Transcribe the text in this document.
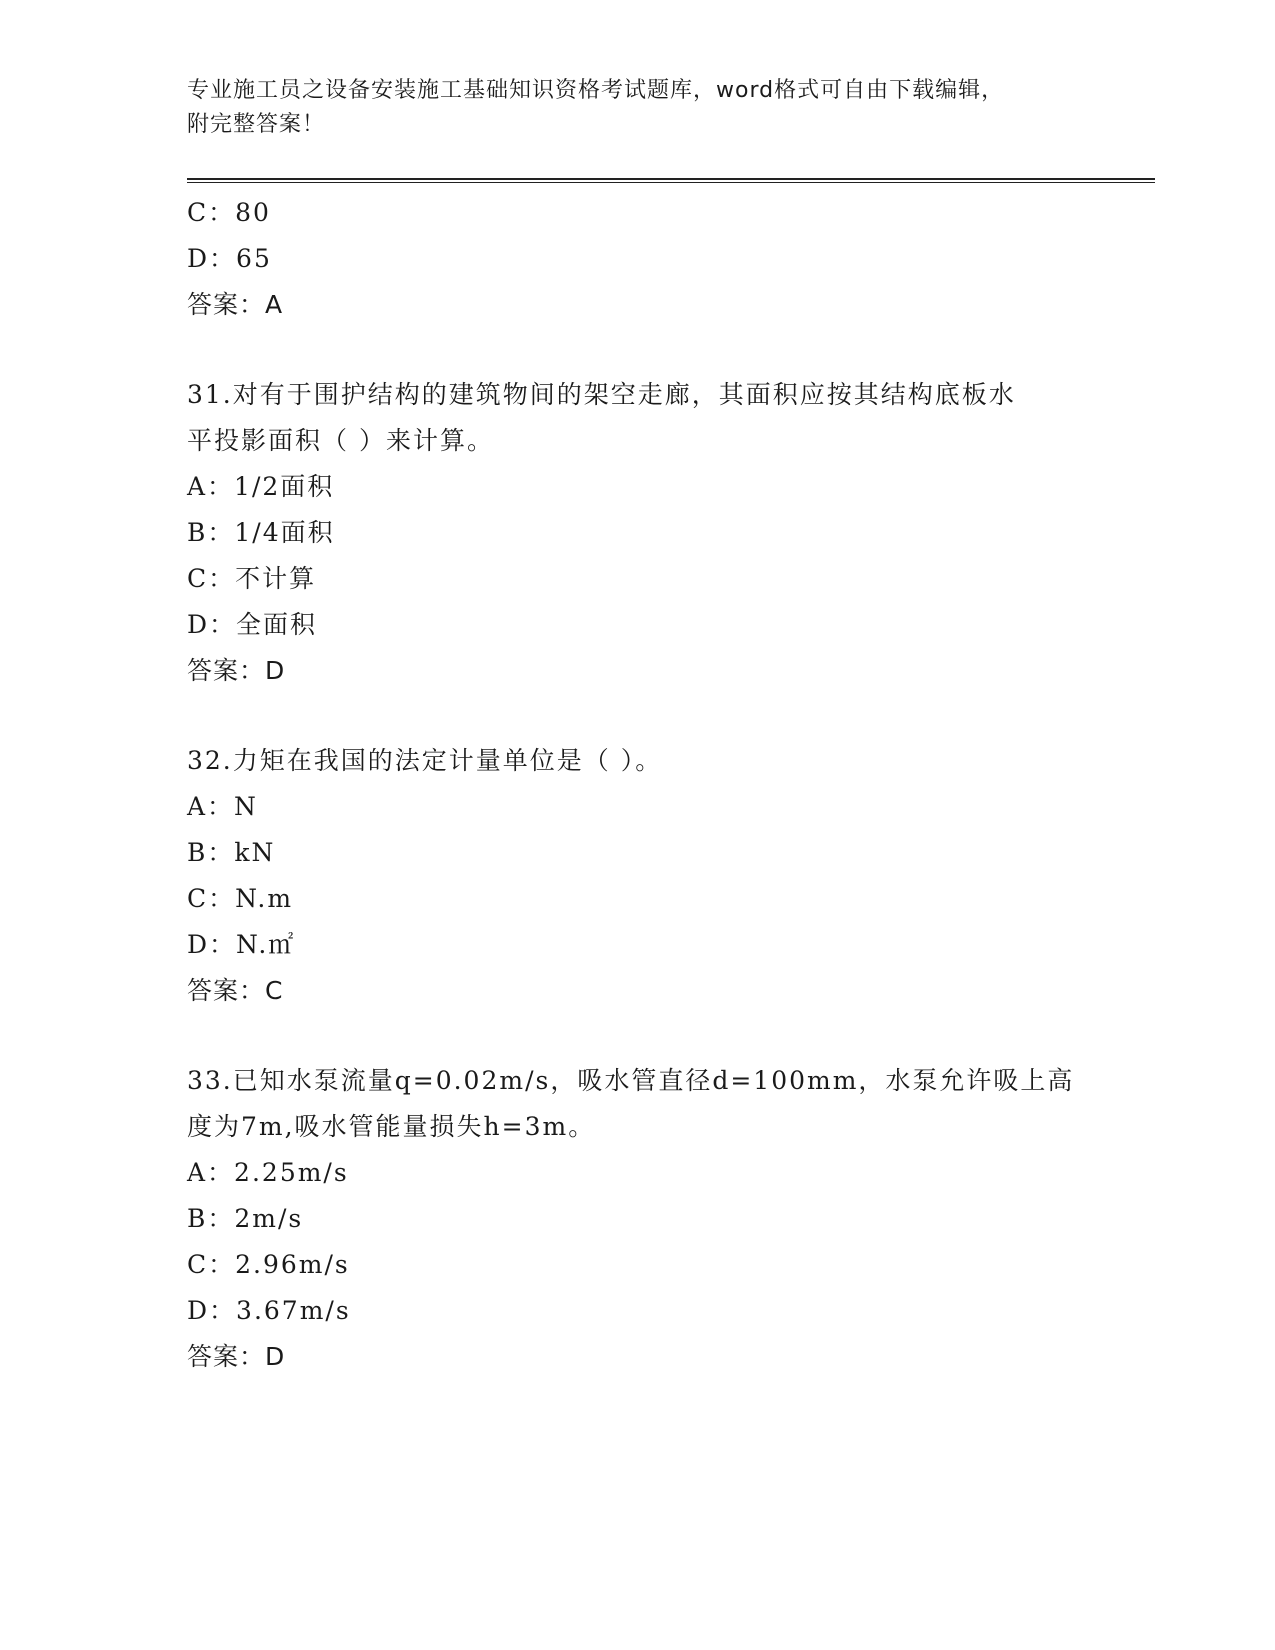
专业施工员之设备安装施工基础知识资格考试题库，word格式可自由下载编辑，
附完整答案！
C：80
D：65
答案：A
31.对有于围护结构的建筑物间的架空走廊，其面积应按其结构底板水
平投影面积（ ）来计算。
A：1/2面积
B：1/4面积
C：不计算
D：全面积
答案：D
32.力矩在我国的法定计量单位是（ ）。
A：N
B：kN
C：N.m
D：N.㎡
答案：C
33.已知水泵流量q=0.02m/s，吸水管直径d=100mm，水泵允许吸上高
度为7m,吸水管能量损失h=3m。
A：2.25m/s
B：2m/s
C：2.96m/s
D：3.67m/s
答案：D
